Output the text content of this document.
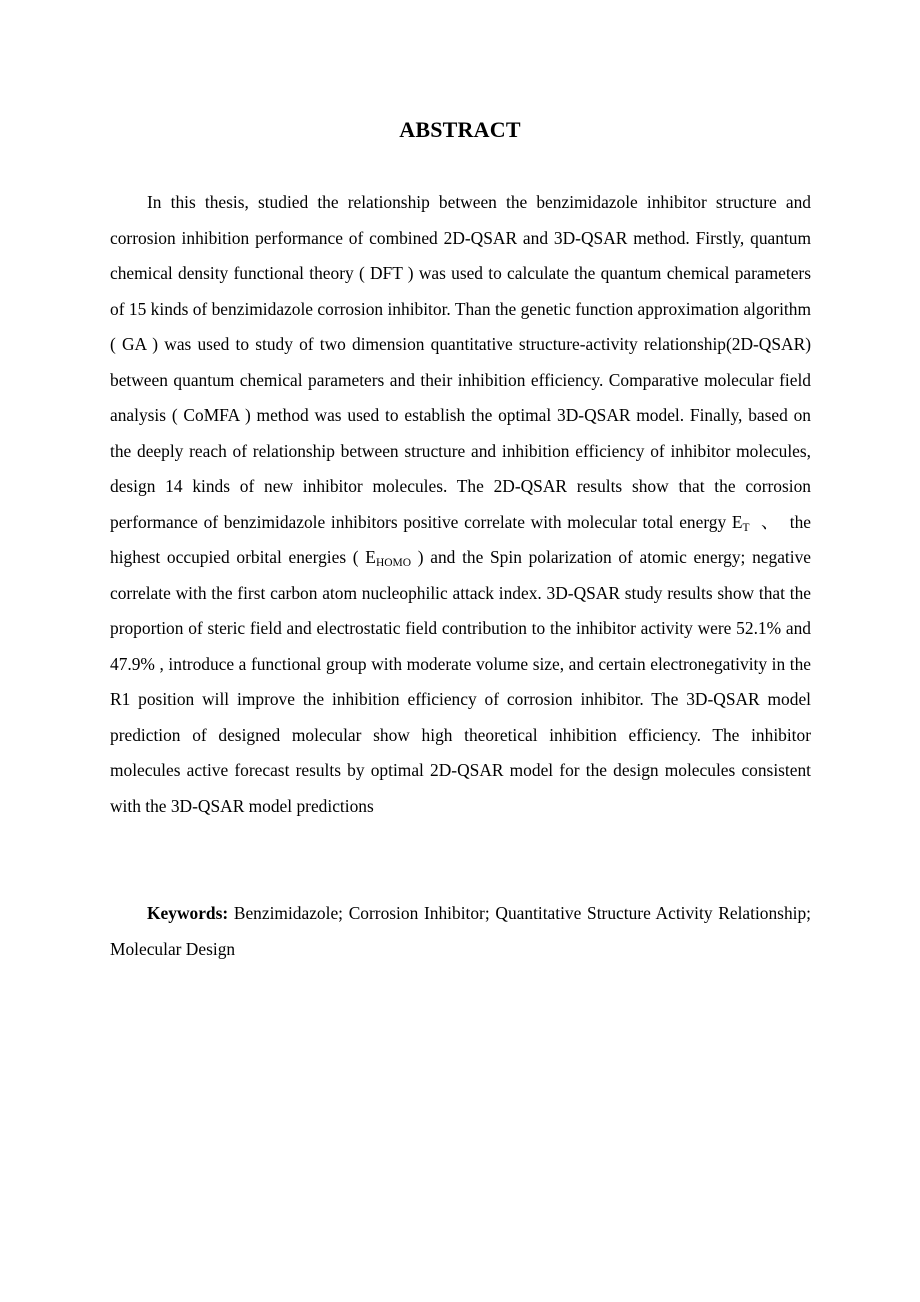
ABSTRACT
In this thesis, studied the relationship between the benzimidazole inhibitor structure and corrosion inhibition performance of combined 2D-QSAR and 3D-QSAR method. Firstly, quantum chemical density functional theory ( DFT ) was used to calculate the quantum chemical parameters of 15 kinds of benzimidazole corrosion inhibitor. Than the genetic function approximation algorithm ( GA ) was used to study of two dimension quantitative structure-activity relationship(2D-QSAR) between quantum chemical parameters and their inhibition efficiency. Comparative molecular field analysis ( CoMFA ) method was used to establish the optimal 3D-QSAR model. Finally, based on the deeply reach of relationship between structure and inhibition efficiency of inhibitor molecules, design 14 kinds of new inhibitor molecules. The 2D-QSAR results show that the corrosion performance of benzimidazole inhibitors positive correlate with molecular total energy $E_T$ 、 the highest occupied orbital energies ( $E_{HOMO}$ ) and the Spin polarization of atomic energy; negative correlate with the first carbon atom nucleophilic attack index. 3D-QSAR study results show that the proportion of steric field and electrostatic field contribution to the inhibitor activity were 52.1% and 47.9% , introduce a functional group with moderate volume size, and certain electronegativity in the R1 position will improve the inhibition efficiency of corrosion inhibitor. The 3D-QSAR model prediction of designed molecular show high theoretical inhibition efficiency. The inhibitor molecules active forecast results by optimal 2D-QSAR model for the design molecules consistent with the 3D-QSAR model predictions
Keywords: Benzimidazole; Corrosion Inhibitor; Quantitative Structure Activity Relationship; Molecular Design
